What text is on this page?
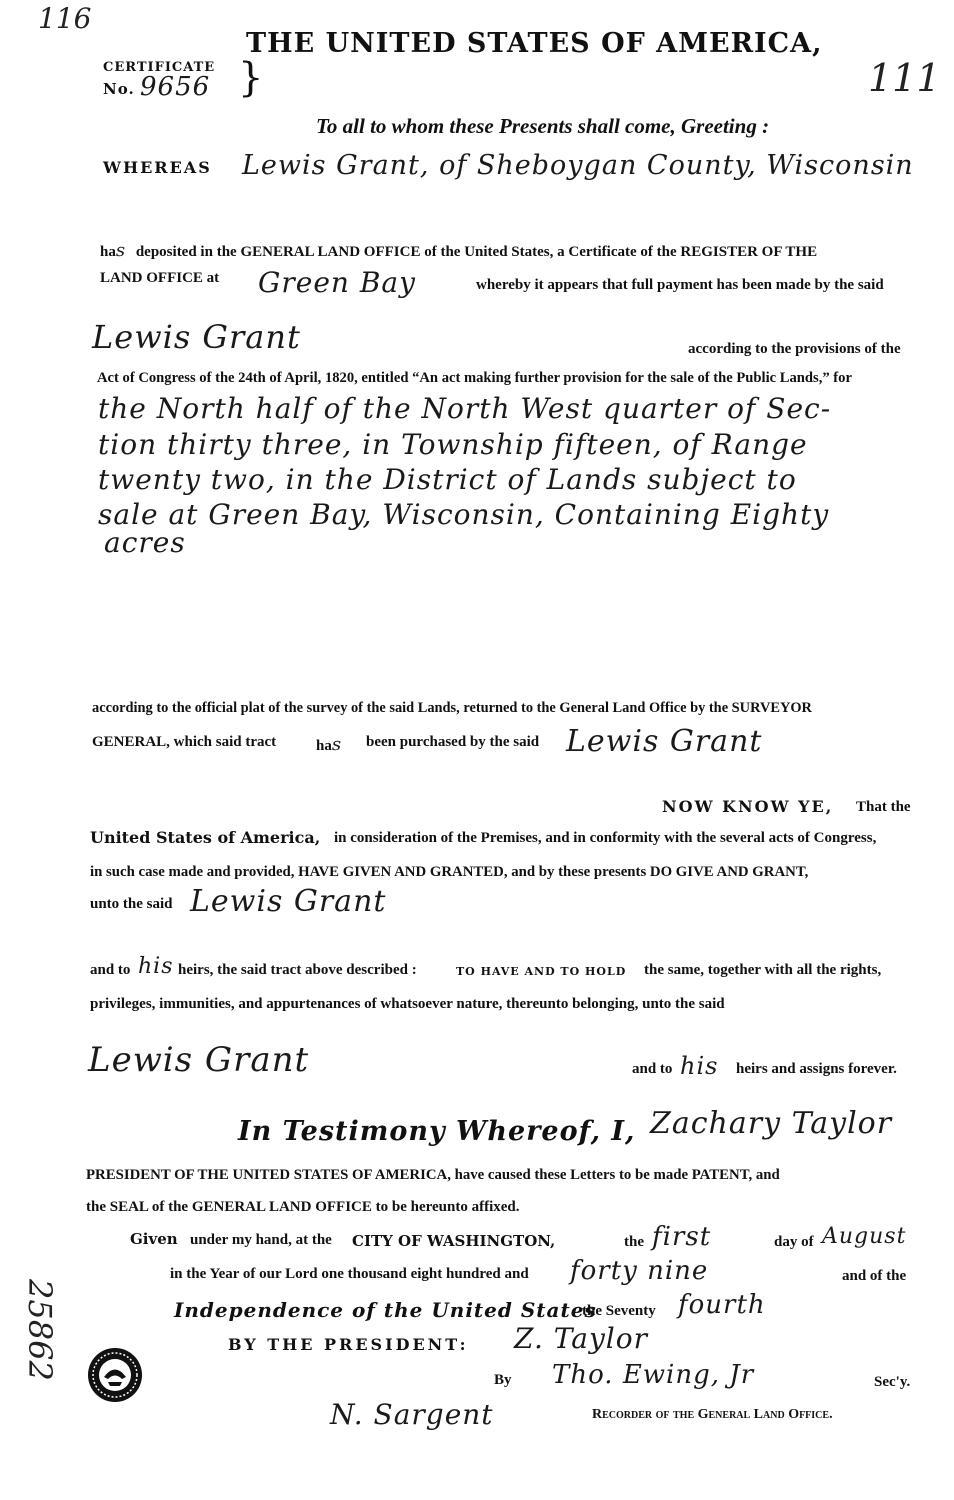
116
THE UNITED STATES OF AMERICA,
CERTIFICATE
No. 9656 }	111
To all to whom these Presents shall come, Greeting :
WHEREAS Lewis Grant, of Sheboygan County, Wisconsin
has deposited in the GENERAL LAND OFFICE of the United States, a Certificate of the REGISTER OF THE
LAND OFFICE at Green Bay	whereby it appears that full payment has been made by the said
Lewis Grant	according to the provisions of the
Act of Congress of the 24th of April, 1820, entitled “An act making further provision for the sale of the Public Lands,” for
the North half of the North West quarter of Sec-
tion thirty three, in Township fifteen, of Range
twenty two, in the District of Lands subject to
sale at Green Bay, Wisconsin, Containing Eighty
acres
according to the official plat of the survey of the said Lands, returned to the General Land Office by the SURVEYOR
GENERAL, which said tract	has been purchased by the said Lewis Grant
NOW KNOW YE, That the
United States of America, in consideration of the Premises, and in conformity with the several acts of Congress,
in such case made and provided, HAVE GIVEN AND GRANTED, and by these presents DO GIVE AND GRANT,
unto the said Lewis Grant
and to his heirs, the said tract above described :	TO HAVE AND TO HOLD the same, together with all the rights,
privileges, immunities, and appurtenances of whatsoever nature, thereunto belonging, unto the said
Lewis Grant	and to his heirs and assigns forever.
In Testimony Whereof, I, Zachary Taylor
PRESIDENT OF THE UNITED STATES OF AMERICA, have caused these Letters to be made PATENT, and
the SEAL of the GENERAL LAND OFFICE to be hereunto affixed.
Given under my hand, at the CITY OF WASHINGTON,	the first	day of August
in the Year of our Lord one thousand eight hundred and forty nine	and of the
Independence of the United States
the Seventy fourth
BY THE PRESIDENT: Z. Taylor
By Tho. Ewing, Jr	Sec'y.
N. Sargent	Recorder of the General Land Office.
25862
